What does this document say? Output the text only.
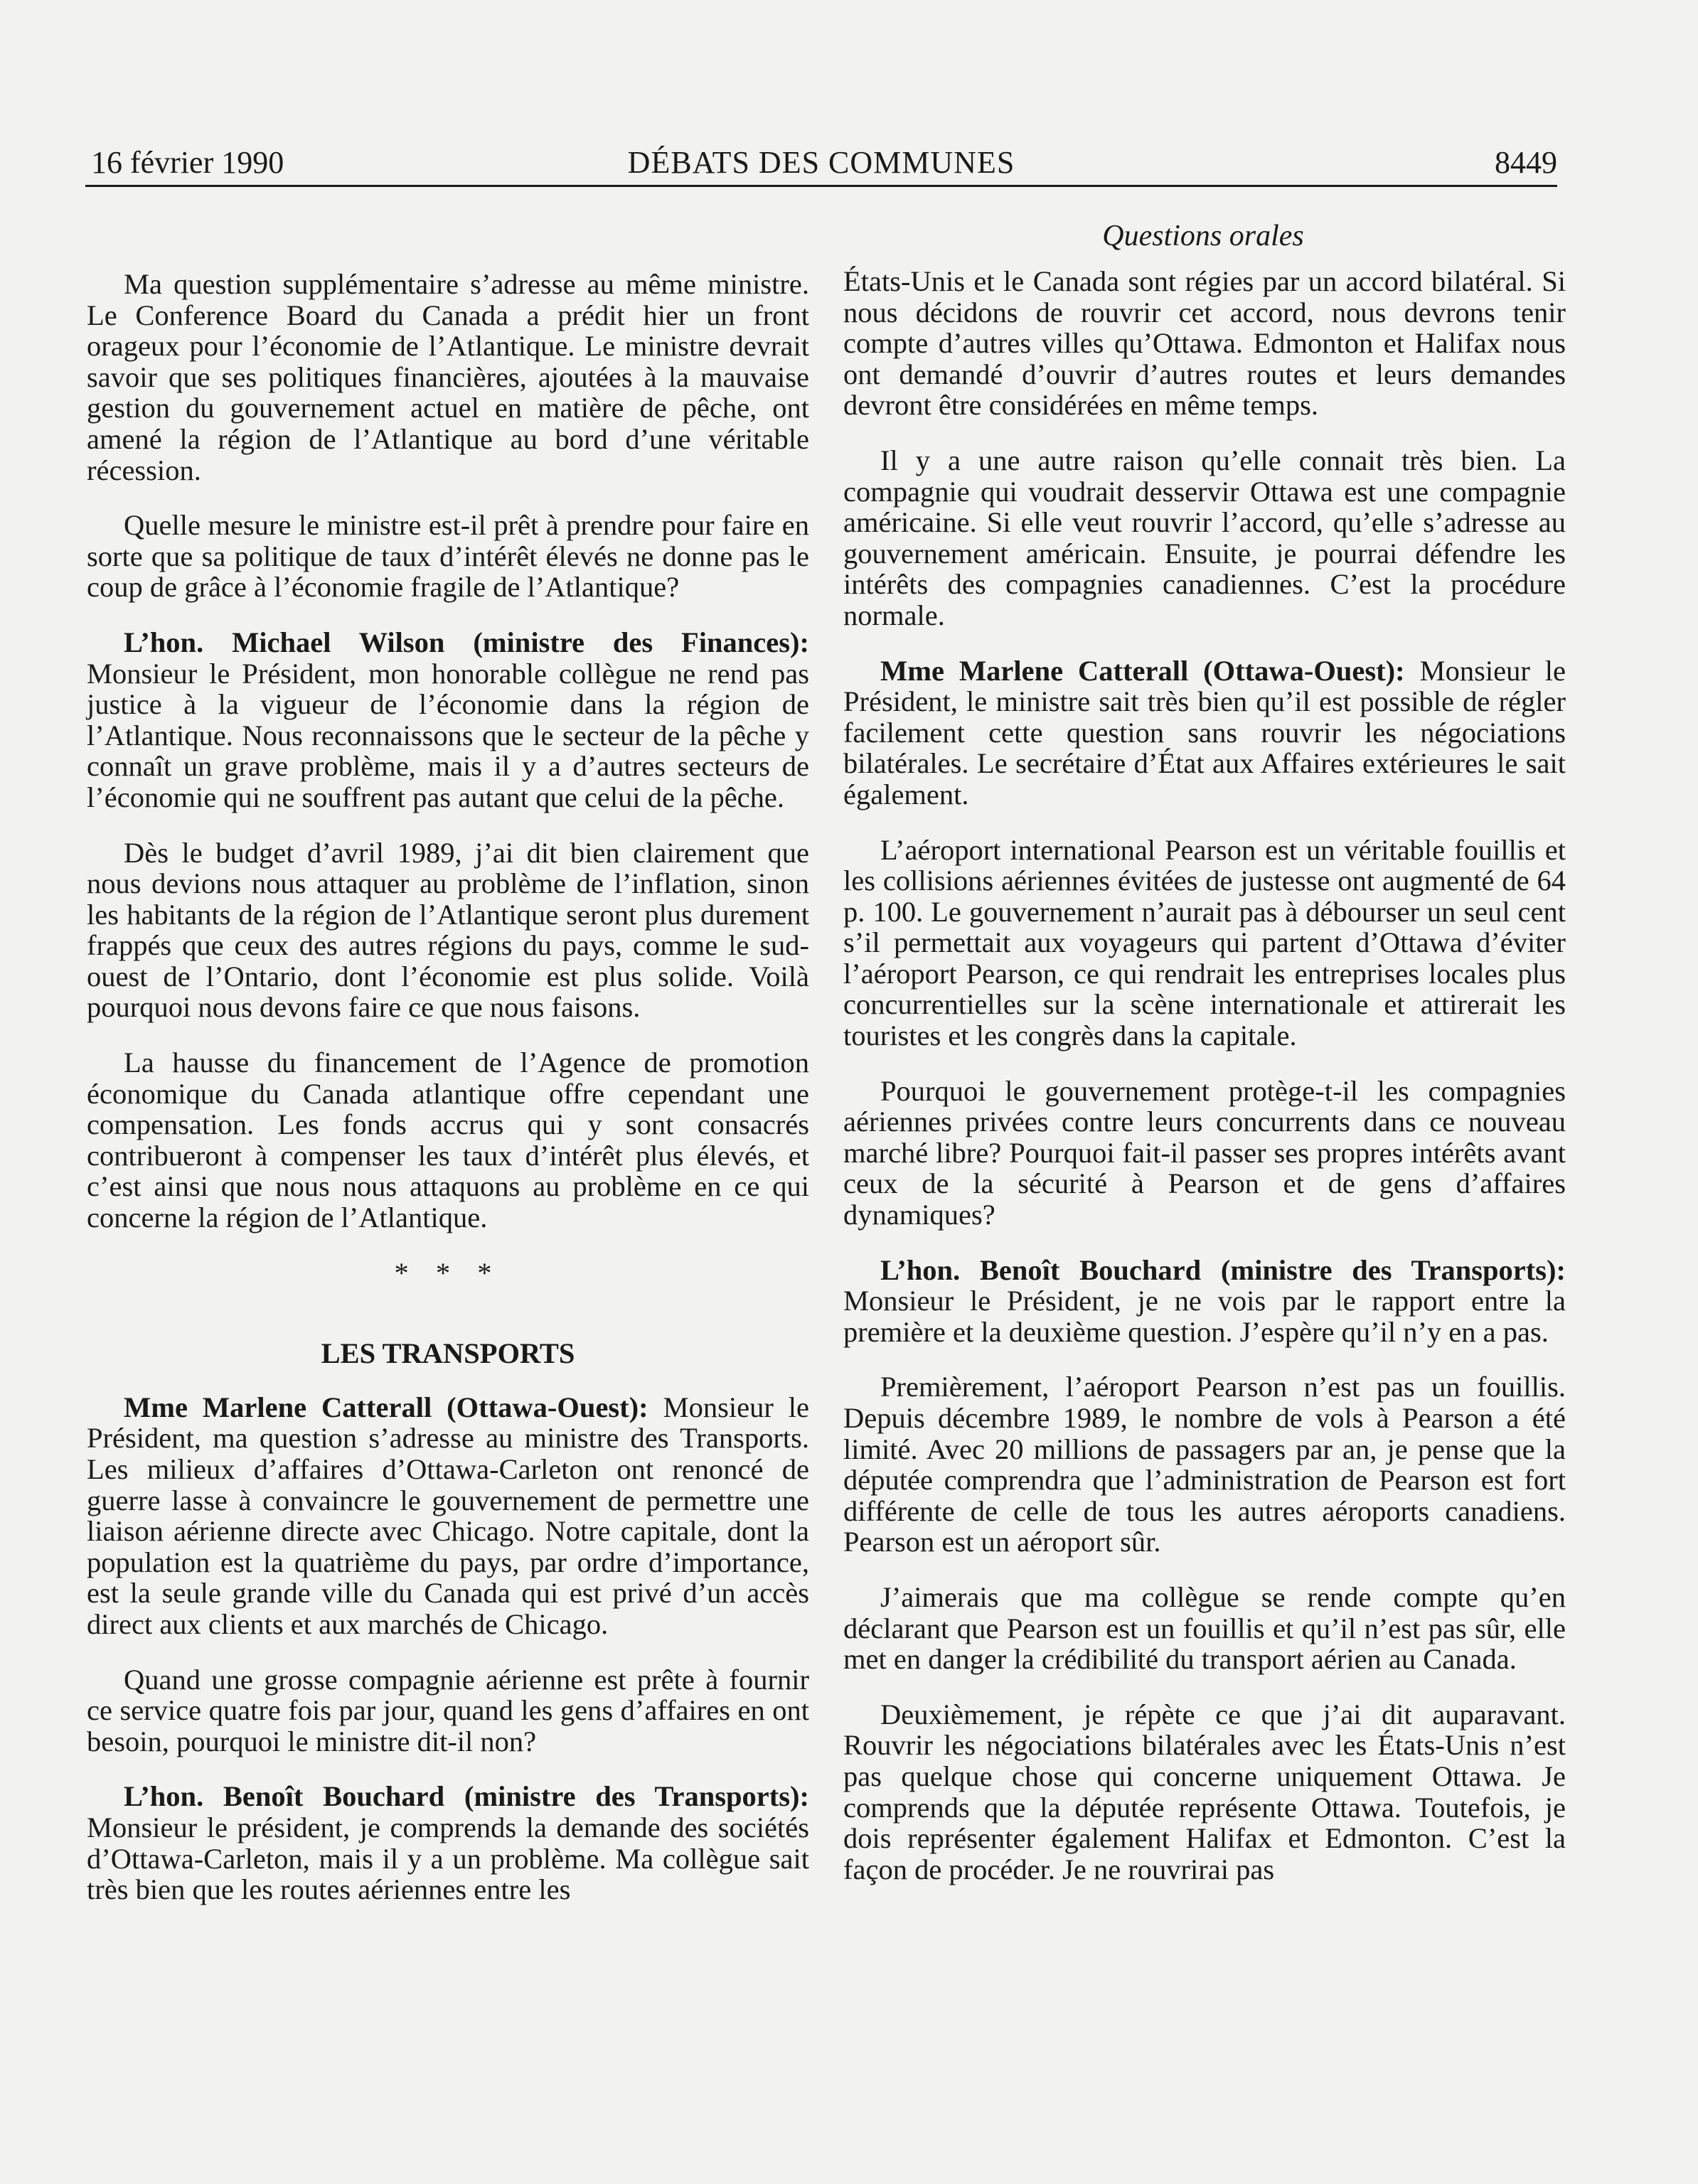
16 février 1990	DÉBATS DES COMMUNES	8449
Questions orales

Ma question supplémentaire s’adresse au même ministre. Le Conference Board du Canada a prédit hier un front orageux pour l’économie de l’Atlantique. Le ministre devrait savoir que ses politiques financières, ajoutées à la mauvaise gestion du gouvernement actuel en matière de pêche, ont amené la région de l’Atlantique au bord d’une véritable récession.

Quelle mesure le ministre est-il prêt à prendre pour faire en sorte que sa politique de taux d’intérêt élevés ne donne pas le coup de grâce à l’économie fragile de l’Atlantique?

L’hon. Michael Wilson (ministre des Finances): Monsieur le Président, mon honorable collègue ne rend pas justice à la vigueur de l’économie dans la région de l’Atlantique. Nous reconnaissons que le secteur de la pêche y connaît un grave problème, mais il y a d’autres secteurs de l’économie qui ne souffrent pas autant que celui de la pêche.

Dès le budget d’avril 1989, j’ai dit bien clairement que nous devions nous attaquer au problème de l’inflation, sinon les habitants de la région de l’Atlantique seront plus durement frappés que ceux des autres régions du pays, comme le sud-ouest de l’Ontario, dont l’économie est plus solide. Voilà pourquoi nous devons faire ce que nous faisons.

La hausse du financement de l’Agence de promotion économique du Canada atlantique offre cependant une compensation. Les fonds accrus qui y sont consacrés contribueront à compenser les taux d’intérêt plus élevés, et c’est ainsi que nous nous attaquons au problème en ce qui concerne la région de l’Atlantique.

* * *

LES TRANSPORTS

Mme Marlene Catterall (Ottawa-Ouest): Monsieur le Président, ma question s’adresse au ministre des Transports. Les milieux d’affaires d’Ottawa-Carleton ont renoncé de guerre lasse à convaincre le gouvernement de permettre une liaison aérienne directe avec Chicago. Notre capitale, dont la population est la quatrième du pays, par ordre d’importance, est la seule grande ville du Canada qui est privé d’un accès direct aux clients et aux marchés de Chicago.

Quand une grosse compagnie aérienne est prête à fournir ce service quatre fois par jour, quand les gens d’affaires en ont besoin, pourquoi le ministre dit-il non?

L’hon. Benoît Bouchard (ministre des Transports): Monsieur le président, je comprends la demande des sociétés d’Ottawa-Carleton, mais il y a un problème. Ma collègue sait très bien que les routes aériennes entre les

États-Unis et le Canada sont régies par un accord bilatéral. Si nous décidons de rouvrir cet accord, nous devrons tenir compte d’autres villes qu’Ottawa. Edmonton et Halifax nous ont demandé d’ouvrir d’autres routes et leurs demandes devront être considérées en même temps.

Il y a une autre raison qu’elle connait très bien. La compagnie qui voudrait desservir Ottawa est une compagnie américaine. Si elle veut rouvrir l’accord, qu’elle s’adresse au gouvernement américain. Ensuite, je pourrai défendre les intérêts des compagnies canadiennes. C’est la procédure normale.

Mme Marlene Catterall (Ottawa-Ouest): Monsieur le Président, le ministre sait très bien qu’il est possible de régler facilement cette question sans rouvrir les négociations bilatérales. Le secrétaire d’État aux Affaires extérieures le sait également.

L’aéroport international Pearson est un véritable fouillis et les collisions aériennes évitées de justesse ont augmenté de 64 p. 100. Le gouvernement n’aurait pas à débourser un seul cent s’il permettait aux voyageurs qui partent d’Ottawa d’éviter l’aéroport Pearson, ce qui rendrait les entreprises locales plus concurrentielles sur la scène internationale et attirerait les touristes et les congrès dans la capitale.

Pourquoi le gouvernement protège-t-il les compagnies aériennes privées contre leurs concurrents dans ce nouveau marché libre? Pourquoi fait-il passer ses propres intérêts avant ceux de la sécurité à Pearson et de gens d’affaires dynamiques?

L’hon. Benoît Bouchard (ministre des Transports): Monsieur le Président, je ne vois par le rapport entre la première et la deuxième question. J’espère qu’il n’y en a pas.

Premièrement, l’aéroport Pearson n’est pas un fouillis. Depuis décembre 1989, le nombre de vols à Pearson a été limité. Avec 20 millions de passagers par an, je pense que la députée comprendra que l’administration de Pearson est fort différente de celle de tous les autres aéroports canadiens. Pearson est un aéroport sûr.

J’aimerais que ma collègue se rende compte qu’en déclarant que Pearson est un fouillis et qu’il n’est pas sûr, elle met en danger la crédibilité du transport aérien au Canada.

Deuxièmement, je répète ce que j’ai dit auparavant. Rouvrir les négociations bilatérales avec les États-Unis n’est pas quelque chose qui concerne uniquement Ottawa. Je comprends que la députée représente Ottawa. Toutefois, je dois représenter également Halifax et Edmonton. C’est la façon de procéder. Je ne rouvrirai pas
